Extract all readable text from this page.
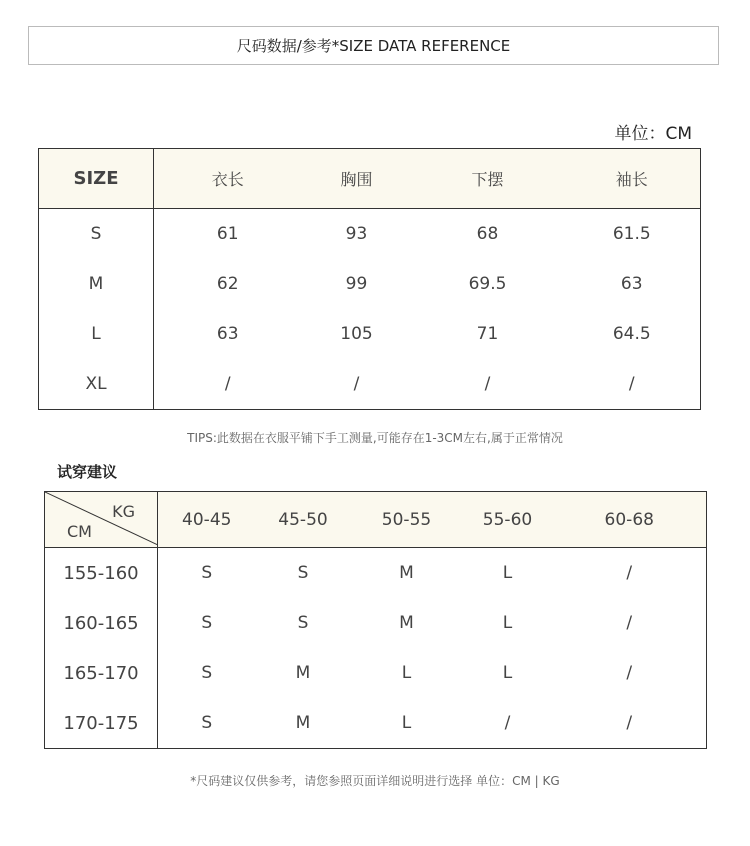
尺码数据/参考*SIZE DATA REFERENCE
单位：CM
SIZE	衣长	胸围	下摆	袖长
S	61	93	68	61.5
M	62	99	69.5	63
L	63	105	71	64.5
XL	/	/	/	/
TIPS:此数据在衣服平铺下手工测量,可能存在1-3CM左右,属于正常情况
试穿建议
KG
CM	40-45	45-50	50-55	55-60	60-68
155-160	S	S	M	L	/
160-165	S	S	M	L	/
165-170	S	M	L	L	/
170-175	S	M	L	/	/
*尺码建议仅供参考，请您参照页面详细说明进行选择 单位：CM | KG
